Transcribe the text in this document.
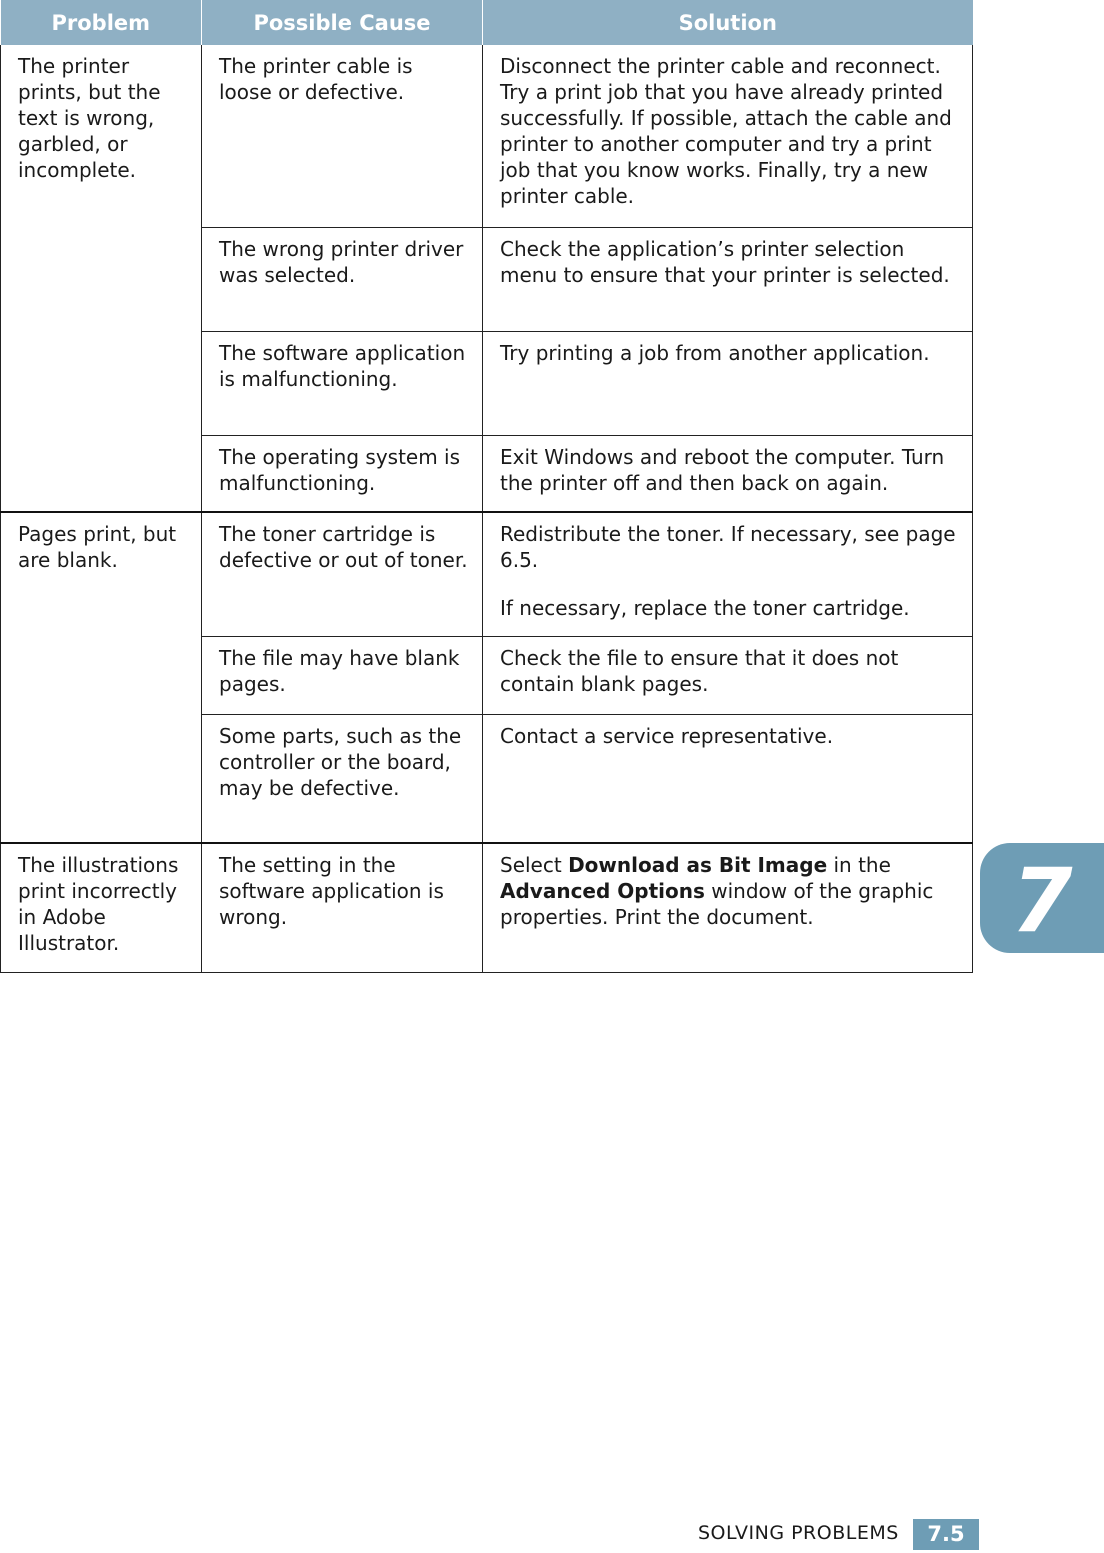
Problem	Possible Cause	Solution
The printer prints, but the text is wrong, garbled, or incomplete.	The printer cable is loose or defective.	Disconnect the printer cable and reconnect. Try a print job that you have already printed successfully. If possible, attach the cable and printer to another computer and try a print job that you know works. Finally, try a new printer cable.
	The wrong printer driver was selected.	Check the application’s printer selection menu to ensure that your printer is selected.
	The software application is malfunctioning.	Try printing a job from another application.
	The operating system is malfunctioning.	Exit Windows and reboot the computer. Turn the printer off and then back on again.
Pages print, but are blank.	The toner cartridge is defective or out of toner.	Redistribute the toner. If necessary, see page 6.5.
If necessary, replace the toner cartridge.

	The file may have blank pages.	Check the file to ensure that it does not contain blank pages.
	Some parts, such as the controller or the board, may be defective.	Contact a service representative.
The illustrations print incorrectly in Adobe Illustrator.	The setting in the software application is wrong.	Select Download as Bit Image in the Advanced Options window of the graphic properties. Print the document.	7
SOLVING PROBLEMS	7.5
